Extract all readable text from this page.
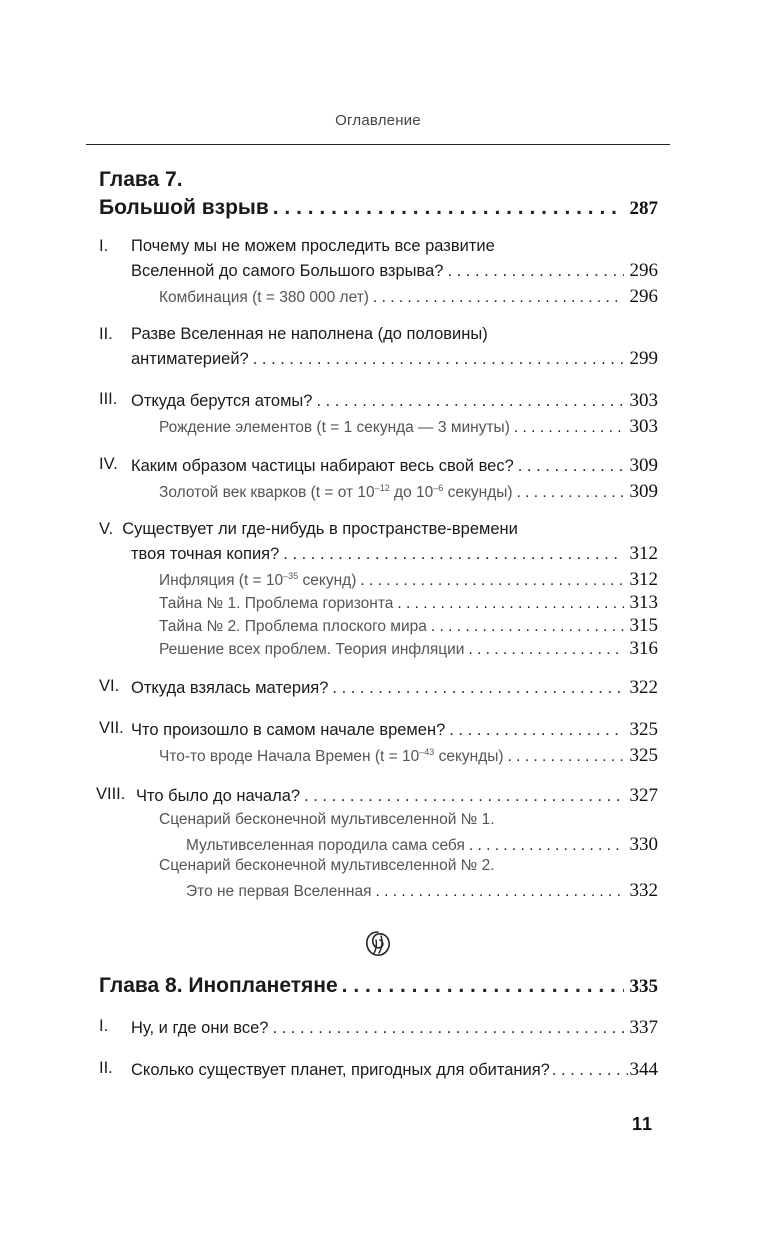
Оглавление
Глава 7.
Большой взрыв . . .	287
I. Почему мы не можем проследить все развитие
Вселенной до самого Большого взрыва? . . .	296
Комбинация (t = 380 000 лет) . . .	296
II. Разве Вселенная не наполнена (до половины)
антиматерией? . . .	299
III. Откуда берутся атомы? . . .	303
Рождение элементов (t = 1 секунда — 3 минуты) . . .	303
IV. Каким образом частицы набирают весь свой вес? . . .	309
Золотой век кварков (t = от $10^{-12}$ до $10^{-6}$ секунды) . . .	309
V.  Существует ли где-нибудь в пространстве-времени
твоя точная копия? . . .	312
Инфляция ($t = 10^{-35}$ секунд) . . .	312
Тайна № 1. Проблема горизонта . . .	313
Тайна № 2. Проблема плоского мира . . .	315
Решение всех проблем. Теория инфляции . . .	316
VI. Откуда взялась материя? . . .	322
VII. Что произошло в самом начале времен? . . .	325
Что-то вроде Начала Времен ($t = 10^{-43}$ секунды) . . .	325
VIII. Что было до начала? . . .	327
Сценарий бесконечной мультивселенной № 1.
Мультивселенная породила сама себя . . .	330
Сценарий бесконечной мультивселенной № 2.
Это не первая Вселенная . . .	332
Глава 8. Инопланетяне . . .	335
I. Ну, и где они все? . . .	337
II. Сколько существует планет, пригодных для обитания? . . .	344
11
